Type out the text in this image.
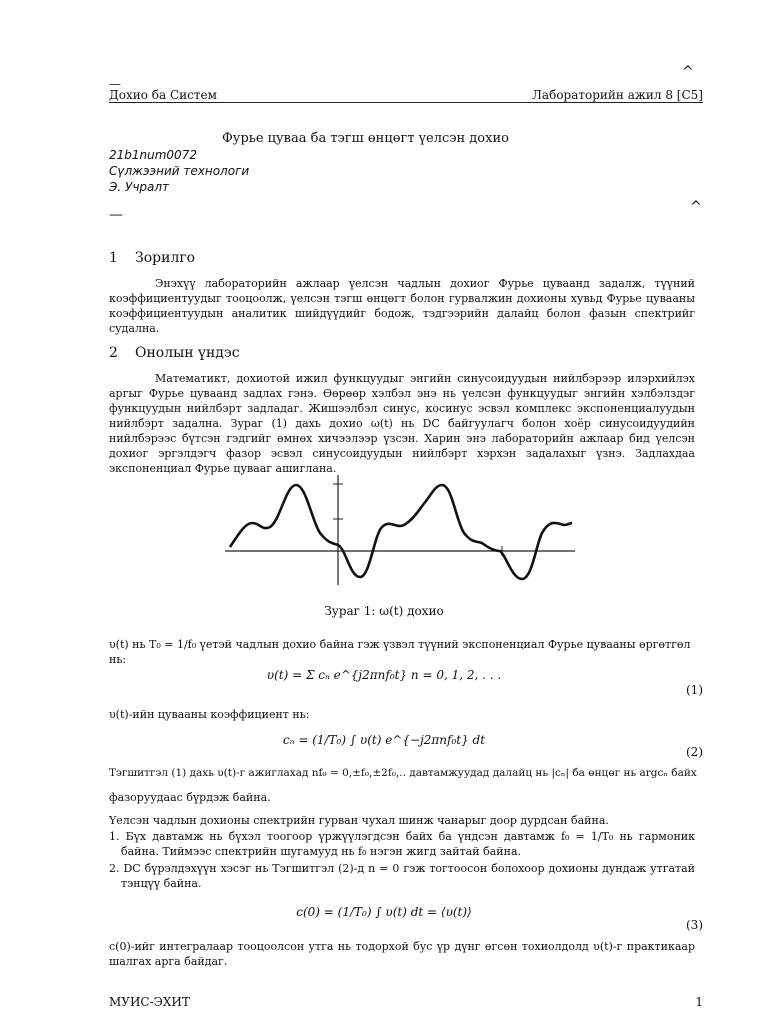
^
—
Дохио ба Систем	Лабораторийн ажил 8 [C5]
Фурье цуваа ба тэгш өнцөгт үелсэн дохио
21b1num0072
Сүлжээний технологи
Э. Учралт
—	^
1 Зорилго
Энэхүү лабораторийн ажлаар үелсэн чадлын дохиог Фурье цуваанд задалж, түүний коэффициентуудыг тооцоолж, үелсэн тэгш өнцөгт болон гурвалжин дохионы хувьд Фурье цувааны коэффициентуудын аналитик шийдүүдийг бодож, тэдгээрийн далайц болон фазын спектрийг судална.
2 Онолын үндэс
Математикт, дохиотой ижил функцуудыг энгийн синусоидуудын нийлбэрээр илэрхийлэх аргыг Фурье цуваанд задлах гэнэ. Өөрөөр хэлбэл энэ нь үелсэн функцуудыг энгийн хэлбэлздэг функцуудын нийлбэрт задладаг. Жишээлбэл синус, косинус эсвэл комплекс экспоненциалуудын нийлбэрт задална. Зураг (1) дахь дохио ω(t) нь DC байгуулагч болон хоёр синусоидуудийн нийлбэрээс бүтсэн гэдгийг өмнөх хичээлээр үзсэн. Харин энэ лабораторийн ажлаар бид үелсэн дохиог эргэлдэгч фазор эсвэл синусоидуудын нийлбэрт хэрхэн задалахыг үзнэ. Задлахдаа экспоненциал Фурье цувааг ашиглана.
Зураг 1: ω(t) дохио
υ(t) нь T₀ = 1/f₀ үетэй чадлын дохио байна гэж үзвэл түүний экспоненциал Фурье цувааны өргөтгөл нь:
υ(t) = Σ cₙ e^{j2πnf₀t} n = 0, 1, 2, . . .
(1)
υ(t)-ийн цувааны коэффициент нь:
cₙ = (1/T₀) ∫ υ(t) e^{−j2πnf₀t} dt
(2)
Тэгшитгэл (1) дахь υ(t)-г ажиглахад nf₀ = 0,±f₀,±2f₀,.. давтамжуудад далайц нь |cₙ| ба өнцөг нь argcₙ байх
фазоруудаас бүрдэж байна.
Үелсэн чадлын дохионы спектрийн гурван чухал шинж чанарыг доор дурдсан байна.
1. Бүх давтамж нь бүхэл тоогоор үржүүлэгдсэн байх ба үндсэн давтамж f₀ = 1/T₀ нь гармоник байна. Тиймээс спектрийн шугамууд нь f₀ нэгэн жигд зайтай байна.
2. DC бүрэлдэхүүн хэсэг нь Тэгшитгэл (2)-д n = 0 гэж тогтоосон болохоор дохионы дундаж утгатай тэнцүү байна.
c(0) = (1/T₀) ∫ υ(t) dt = ⟨υ(t)⟩
(3)
c(0)-ийг интегралаар тооцоолсон утга нь тодорхой бус үр дүнг өгсөн тохиолдолд υ(t)-г практикаар шалгах арга байдаг.
МУИС-ЭХИТ	1
